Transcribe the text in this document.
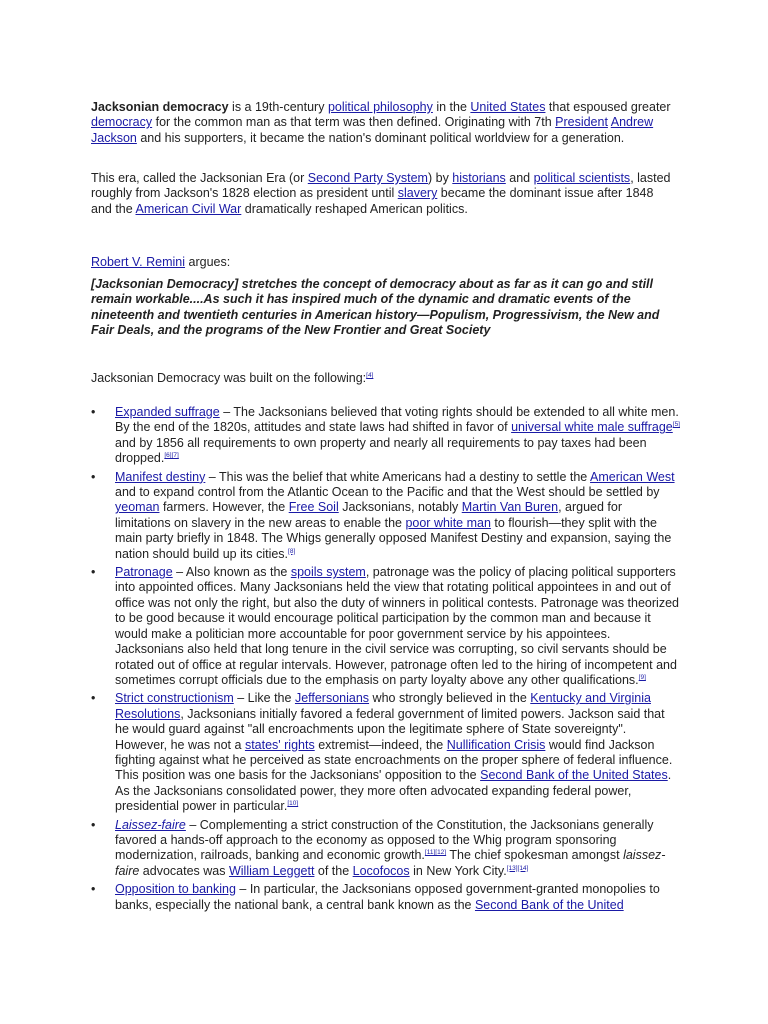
Jacksonian democracy is a 19th-century political philosophy in the United States that espoused greater democracy for the common man as that term was then defined. Originating with 7th President Andrew Jackson and his supporters, it became the nation's dominant political worldview for a generation.

This era, called the Jacksonian Era (or Second Party System) by historians and political scientists, lasted roughly from Jackson's 1828 election as president until slavery became the dominant issue after 1848 and the American Civil War dramatically reshaped American politics.

Robert V. Remini argues:

[Jacksonian Democracy] stretches the concept of democracy about as far as it can go and still remain workable....As such it has inspired much of the dynamic and dramatic events of the nineteenth and twentieth centuries in American history—Populism, Progressivism, the New and Fair Deals, and the programs of the New Frontier and Great Society

Jacksonian Democracy was built on the following:[4]

• Expanded suffrage – The Jacksonians believed that voting rights should be extended to all white men. By the end of the 1820s, attitudes and state laws had shifted in favor of universal white male suffrage[5] and by 1856 all requirements to own property and nearly all requirements to pay taxes had been dropped.[6][7]
• Manifest destiny – This was the belief that white Americans had a destiny to settle the American West and to expand control from the Atlantic Ocean to the Pacific and that the West should be settled by yeoman farmers. However, the Free Soil Jacksonians, notably Martin Van Buren, argued for limitations on slavery in the new areas to enable the poor white man to flourish—they split with the main party briefly in 1848. The Whigs generally opposed Manifest Destiny and expansion, saying the nation should build up its cities.[8]
• Patronage – Also known as the spoils system, patronage was the policy of placing political supporters into appointed offices. Many Jacksonians held the view that rotating political appointees in and out of office was not only the right, but also the duty of winners in political contests. Patronage was theorized to be good because it would encourage political participation by the common man and because it would make a politician more accountable for poor government service by his appointees. Jacksonians also held that long tenure in the civil service was corrupting, so civil servants should be rotated out of office at regular intervals. However, patronage often led to the hiring of incompetent and sometimes corrupt officials due to the emphasis on party loyalty above any other qualifications.[9]
• Strict constructionism – Like the Jeffersonians who strongly believed in the Kentucky and Virginia Resolutions, Jacksonians initially favored a federal government of limited powers. Jackson said that he would guard against "all encroachments upon the legitimate sphere of State sovereignty". However, he was not a states' rights extremist—indeed, the Nullification Crisis would find Jackson fighting against what he perceived as state encroachments on the proper sphere of federal influence. This position was one basis for the Jacksonians' opposition to the Second Bank of the United States. As the Jacksonians consolidated power, they more often advocated expanding federal power, presidential power in particular.[10]
• Laissez-faire – Complementing a strict construction of the Constitution, the Jacksonians generally favored a hands-off approach to the economy as opposed to the Whig program sponsoring modernization, railroads, banking and economic growth.[11][12] The chief spokesman amongst laissez-faire advocates was William Leggett of the Locofocos in New York City.[13][14]
• Opposition to banking – In particular, the Jacksonians opposed government-granted monopolies to banks, especially the national bank, a central bank known as the Second Bank of the United
